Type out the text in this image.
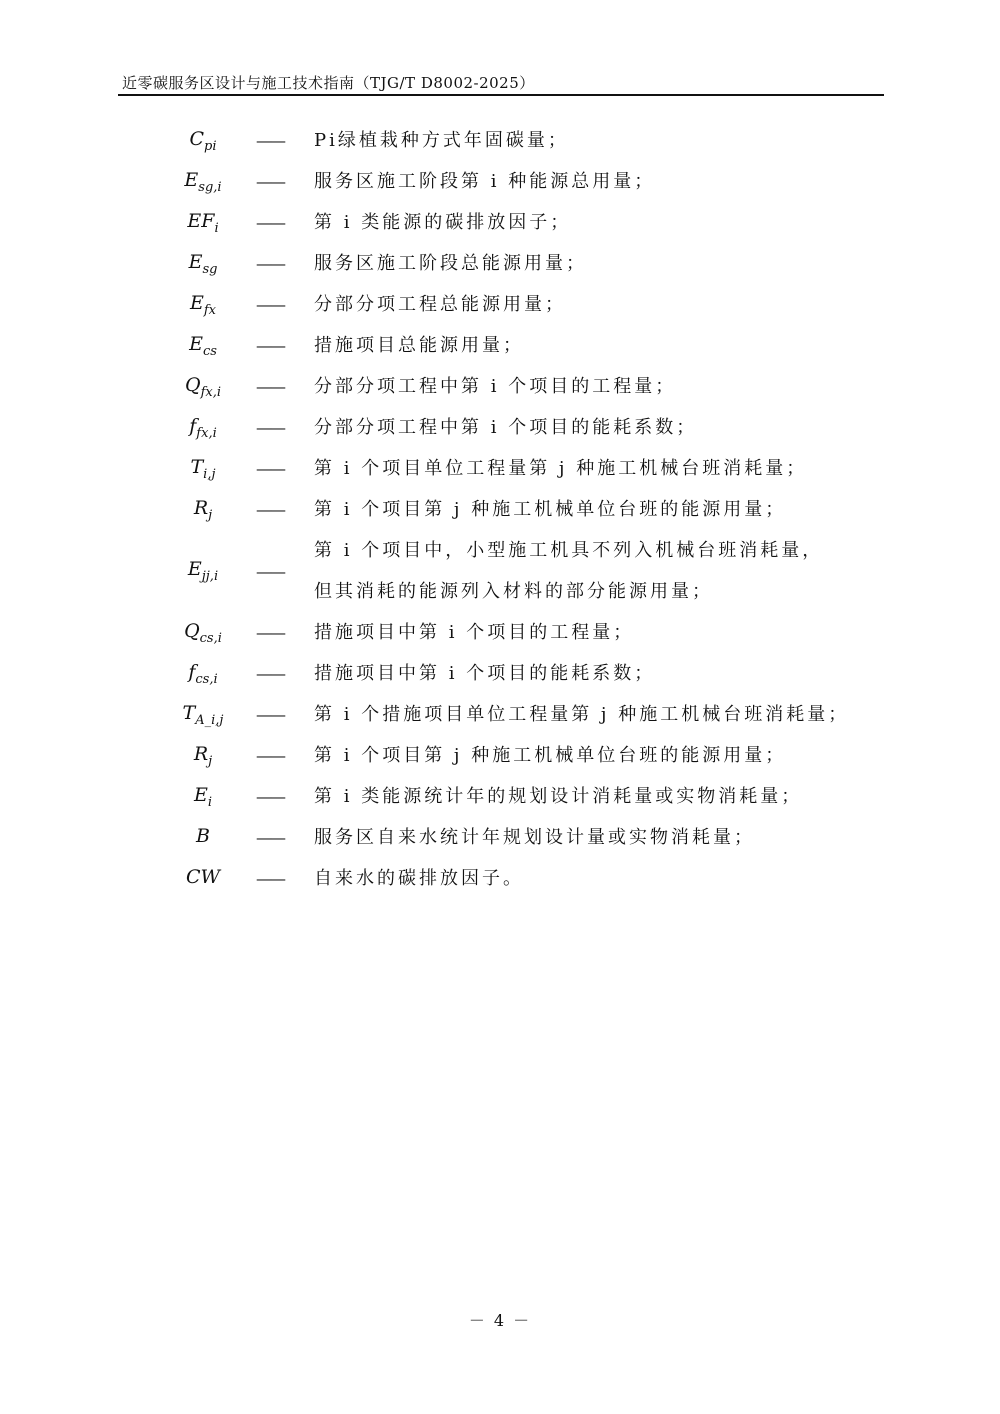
近零碳服务区设计与施工技术指南（TJG/T D8002-2025）
$C_{pi}$	——	Pi绿植栽种方式年固碳量；
$E_{sg,i}$	——	服务区施工阶段第 i 种能源总用量；
$EF_i$	——	第 i 类能源的碳排放因子；
$E_{sg}$	——	服务区施工阶段总能源用量；
$E_{fx}$	——	分部分项工程总能源用量；
$E_{cs}$	——	措施项目总能源用量；
$Q_{fx,i}$	——	分部分项工程中第 i 个项目的工程量；
$f_{fx,i}$	——	分部分项工程中第 i 个项目的能耗系数；
$T_{i,j}$	——	第 i 个项目单位工程量第 j 种施工机械台班消耗量；
$R_j$	——	第 i 个项目第 j 种施工机械单位台班的能源用量；
$E_{jj,i}$	——
第 i 个项目中，小型施工机具不列入机械台班消耗量，
但其消耗的能源列入材料的部分能源用量；
$Q_{cs,i}$	——	措施项目中第 i 个项目的工程量；
$f_{cs,i}$	——	措施项目中第 i 个项目的能耗系数；
$T_{A\_i,j}$	——	第 i 个措施项目单位工程量第 j 种施工机械台班消耗量；
$R_j$	——	第 i 个项目第 j 种施工机械单位台班的能源用量；
$E_i$	——	第 i 类能源统计年的规划设计消耗量或实物消耗量；
B	——	服务区自来水统计年规划设计量或实物消耗量；
CW	——	自来水的碳排放因子。
－ 4 －
